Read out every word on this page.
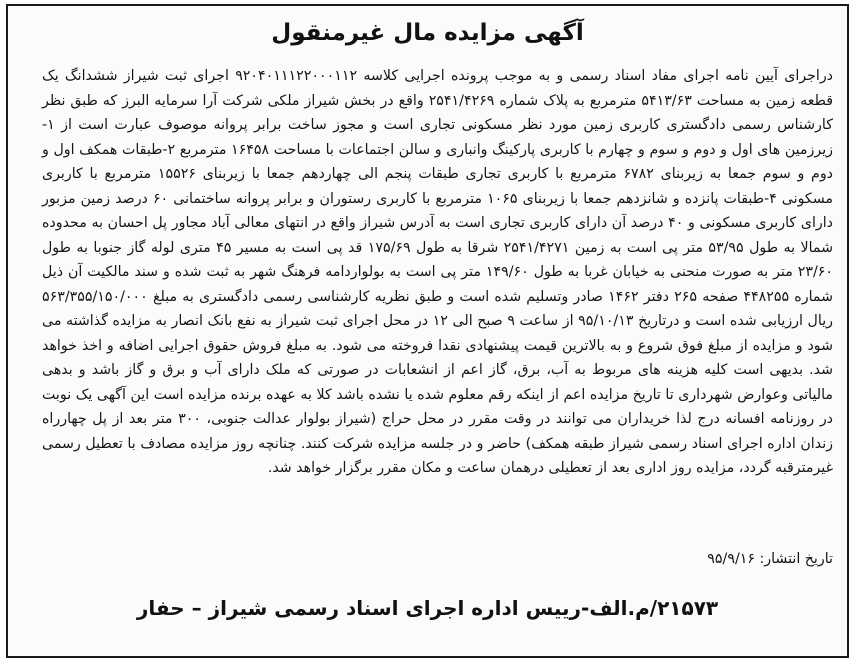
آگهی مزایده مال غیرمنقول

دراجرای آیین نامه اجرای مفاد اسناد رسمی و به موجب پرونده اجرایی کلاسه ۹۲۰۴۰۱۱۱۲۲۰۰۰۱۱۲ اجرای ثبت شیراز ششدانگ یک قطعه زمین به مساحت ۵۴۱۳/۶۳ مترمربع به پلاک شماره ۲۵۴۱/۴۲۶۹ واقع در بخش شیراز ملکی شرکت آرا سرمایه البرز که طبق نظر کارشناس رسمی دادگستری کاربری زمین مورد نظر مسکونی تجاری است و مجوز ساخت برابر پروانه موصوف عبارت است از ۱-زیرزمین های اول و دوم و سوم و چهارم با کاربری پارکینگ وانباری و سالن اجتماعات با مساحت ۱۶۴۵۸ مترمربع ۲-طبقات همکف اول و دوم و سوم جمعا به زیربنای ۶۷۸۲ مترمربع با کاربری تجاری طبقات پنجم الی چهاردهم جمعا با زیربنای ۱۵۵۲۶ مترمربع با کاربری مسکونی ۴-طبقات پانزده و شانزدهم جمعا با زیربنای ۱۰۶۵ مترمربع با کاربری رستوران و برابر پروانه ساختمانی ۶۰ درصد زمین مزبور دارای کاربری مسکونی و ۴۰ درصد آن دارای کاربری تجاری است به آدرس شیراز واقع در انتهای معالی آباد مجاور پل احسان به محدوده شمالا به طول ۵۳/۹۵ متر پی است به زمین ۲۵۴۱/۴۲۷۱ شرقا به طول ۱۷۵/۶۹ قد پی است به مسیر ۴۵ متری لوله گاز جنوبا به طول ۲۳/۶۰ متر به صورت منحنی به خیابان غربا به طول ۱۴۹/۶۰ متر پی است به بولواردامه فرهنگ شهر به ثبت شده و سند مالکیت آن ذیل شماره ۴۴۸۲۵۵ صفحه ۲۶۵ دفتر ۱۴۶۲ صادر وتسلیم شده است و طبق نظریه کارشناسی رسمی دادگستری به مبلغ ۵۶۳/۳۵۵/۱۵۰/۰۰۰ ریال ارزیابی شده است و درتاریخ ۹۵/۱۰/۱۳ از ساعت ۹ صبح الی ۱۲ در محل اجرای ثبت شیراز به نفع بانک انصار به مزایده گذاشته می شود و مزایده از مبلغ فوق شروع و به بالاترین قیمت پیشنهادی نقدا فروخته می شود. به مبلغ فروش حقوق اجرایی اضافه و اخذ خواهد شد. بدیهی است کلیه هزینه های مربوط به آب، برق، گاز اعم از انشعابات در صورتی که ملک دارای آب و برق و گاز باشد و بدهی مالیاتی وعوارض شهرداری تا تاریخ مزایده اعم از اینکه رقم معلوم شده یا نشده باشد کلا به عهده برنده مزایده است این آگهی یک نوبت در روزنامه افسانه درج لذا خریداران می توانند در وقت مقرر در محل حراج (شیراز بولوار عدالت جنوبی، ۳۰۰ متر بعد از پل چهارراه زندان اداره اجرای اسناد رسمی شیراز طبقه همکف) حاضر و در جلسه مزایده شرکت کنند. چنانچه روز مزایده مصادف با تعطیل رسمی غیرمترقبه گردد، مزایده روز اداری بعد از تعطیلی درهمان ساعت و مکان مقرر برگزار خواهد شد.

تاریخ انتشار: ۹۵/۹/۱۶
۲۱۵۷۳/م.الف-رییس اداره اجرای اسناد رسمی شیراز – حفار
